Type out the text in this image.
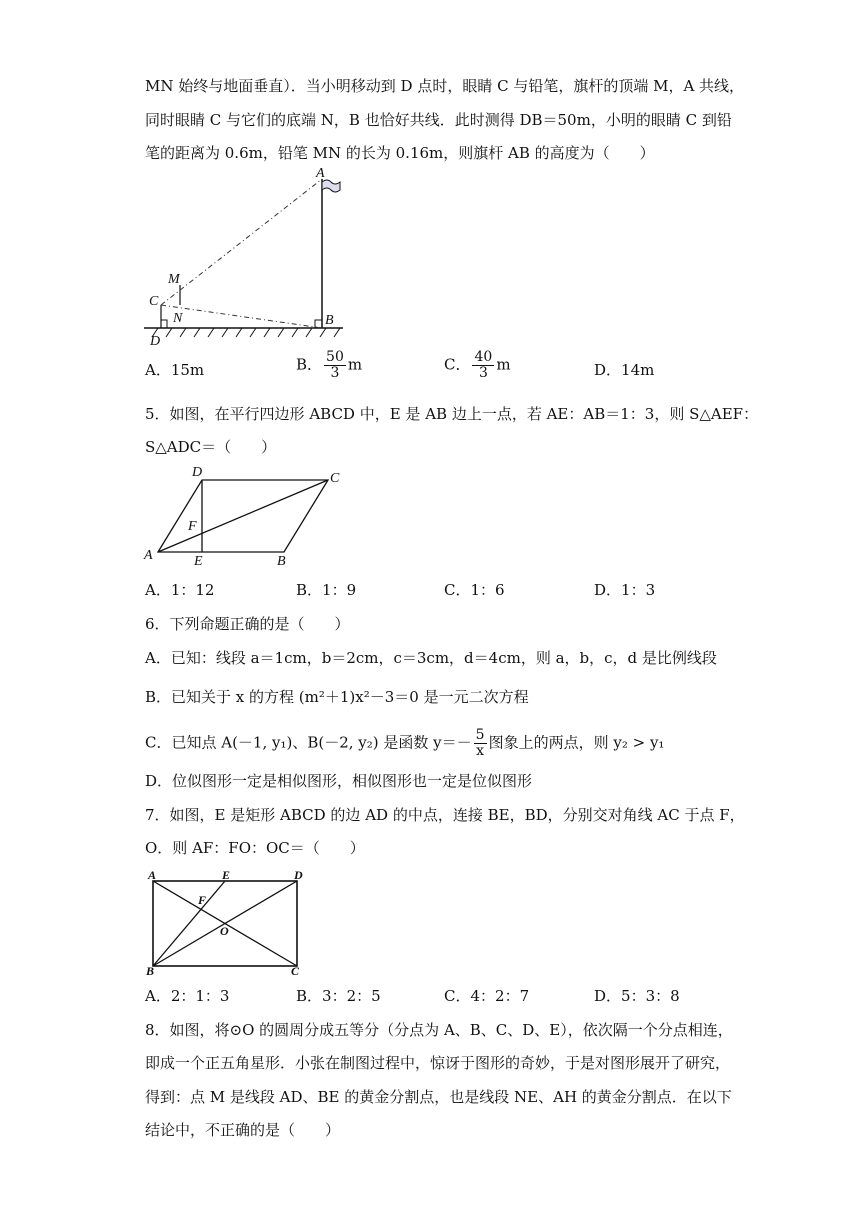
MN 始终与地面垂直）．当小明移动到 D 点时，眼睛 C 与铅笔，旗杆的顶端 M，A 共线，
同时眼睛 C 与它们的底端 N，B 也恰好共线．此时测得 DB＝50m，小明的眼睛 C 到铅
笔的距离为 0.6m，铅笔 MN 的长为 0.16m，则旗杆 AB 的高度为（　　）
A
M
C
N
D
B
A．15m	B． $\frac{50}{3}$ m	C． $\frac{40}{3}$ m	D．14m
5．如图，在平行四边形 ABCD 中，E 是 AB 边上一点，若 AE：AB＝1：3，则 S△AEF：
S△ADC＝（　　）
D	C
F
A	E	B
A．1：12	B．1：9	C．1：6	D．1：3
6．下列命题正确的是（　　）
A．已知：线段 a＝1cm，b＝2cm，c＝3cm，d＝4cm，则 a，b，c，d 是比例线段
B．已知关于 x 的方程 (m²＋1)x²－3＝0 是一元二次方程
C．已知点 A(－1, y₁)、B(－2, y₂) 是函数 $y=- \frac{5}{x}$ 图象上的两点，则 y₂ > y₁
D．位似图形一定是相似图形，相似图形也一定是位似图形
7．如图，E 是矩形 ABCD 的边 AD 的中点，连接 BE，BD，分别交对角线 AC 于点 F，
O．则 AF：FO：OC＝（　　）
A	E	D
F
O
B	C
A．2：1：3	B．3：2：5	C．4：2：7	D．5：3：8
8．如图，将⊙O 的圆周分成五等分（分点为 A、B、C、D、E），依次隔一个分点相连，
即成一个正五角星形．小张在制图过程中，惊讶于图形的奇妙，于是对图形展开了研究，
得到：点 M 是线段 AD、BE 的黄金分割点，也是线段 NE、AH 的黄金分割点．在以下
结论中，不正确的是（　　）
